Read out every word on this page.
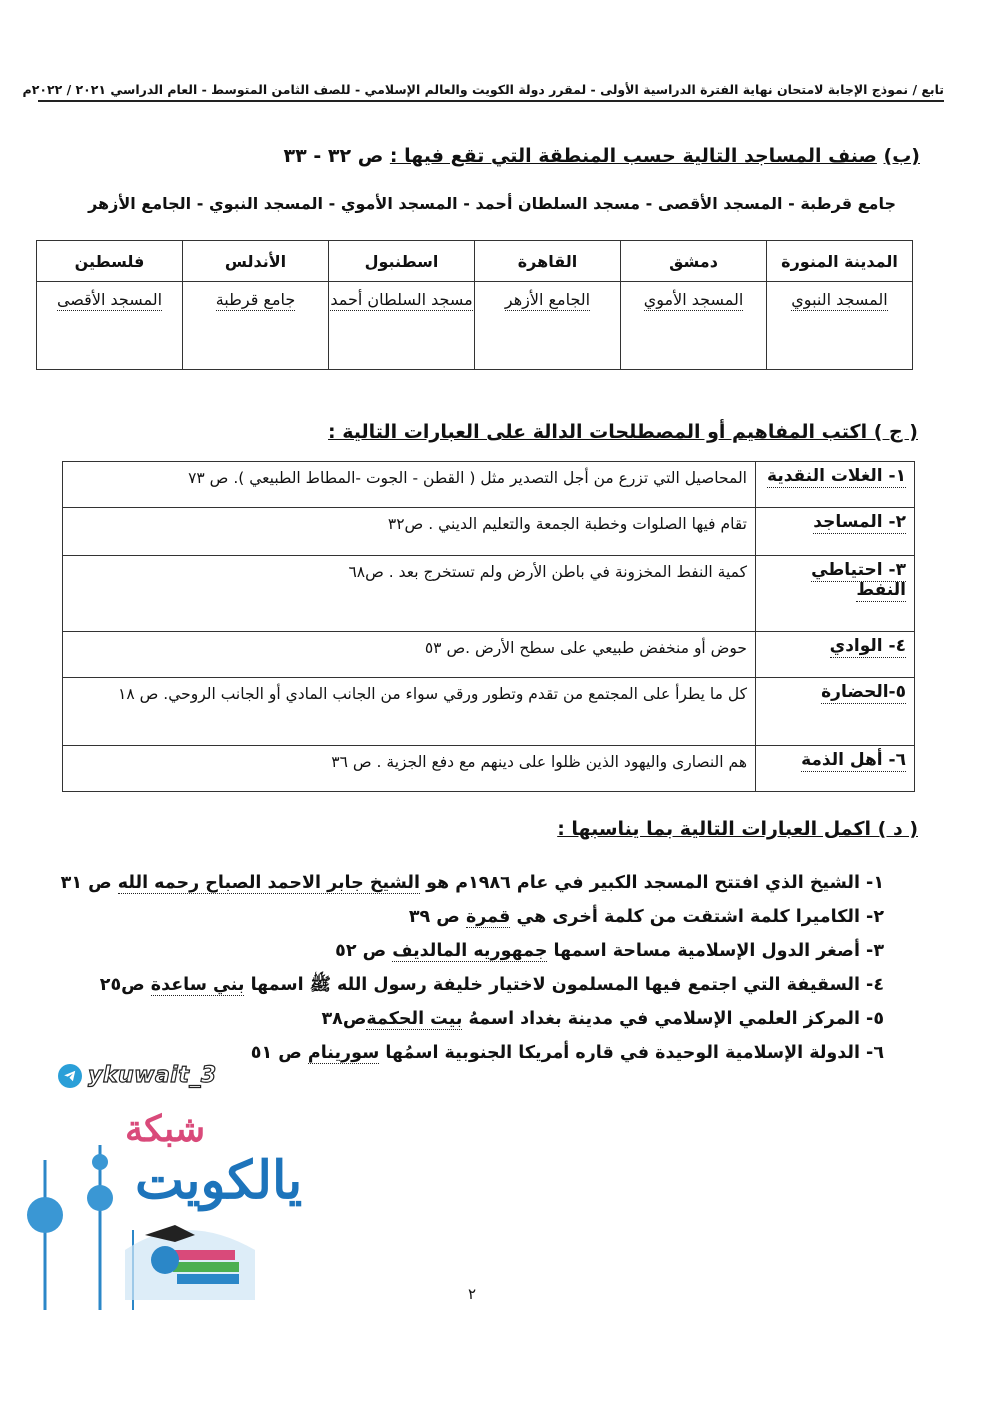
تابع / نموذج الإجابة لامتحان نهاية الفترة الدراسية الأولى - لمقرر دولة الكويت والعالم الإسلامي - للصف الثامن المتوسط - العام الدراسي ٢٠٢١ / ٢٠٢٢م
(ب) صنف المساجد التالية حسب المنطقة التي تقع فيها : ص ٣٢ - ٣٣
جامع قرطبة - المسجد الأقصى - مسجد السلطان أحمد - المسجد الأموي - المسجد النبوي - الجامع الأزهر
المدينة المنورة	دمشق	القاهرة	اسطنبول	الأندلس	فلسطين
المسجد النبوي	المسجد الأموي	الجامع الأزهر	مسجد السلطان أحمد	جامع قرطبة	المسجد الأقصى
( ج ) اكتب المفاهيم أو المصطلحات الدالة على العبارات التالية :
١- الغلات النقدية	المحاصيل التي تزرع من أجل التصدير مثل ( القطن - الجوت -المطاط الطبيعي ). ص ٧٣
٢- المساجد	تقام فيها الصلوات وخطبة الجمعة والتعليم الديني . ص٣٢
٣- احتياطي النفط	كمية النفط المخزونة في باطن الأرض ولم تستخرج بعد . ص٦٨
٤- الوادي	حوض أو منخفض طبيعي على سطح الأرض .ص ٥٣
٥-الحضارة	كل ما يطرأ على المجتمع من تقدم وتطور ورقي سواء من الجانب المادي أو الجانب الروحي. ص ١٨
٦- أهل الذمة	هم النصارى واليهود الذين ظلوا على دينهم مع دفع الجزية . ص ٣٦
( د ) اكمل العبارات التالية بما يناسبها :
١- الشيخ الذي افتتح المسجد الكبير في عام ١٩٨٦م هو الشيخ جابر الاحمد الصباح رحمه الله ص ٣١
٢- الكاميرا كلمة اشتقت من كلمة أخرى هي قمرة ص ٣٩
٣- أصغر الدول الإسلامية مساحة اسمها جمهوريه المالديف ص ٥٢
٤- السقيفة التي اجتمع فيها المسلمون لاختيار خليفة رسول الله ﷺ اسمها بني ساعدة ص٢٥
٥- المركز العلمي الإسلامي في مدينة بغداد اسمهُ بيت الحكمةص٣٨
٦- الدولة الإسلامية الوحيدة في قاره أمريكا الجنوبية اسمُها سورينام ص ٥١
ykuwait_3
شبكة
يالكويت
٢
